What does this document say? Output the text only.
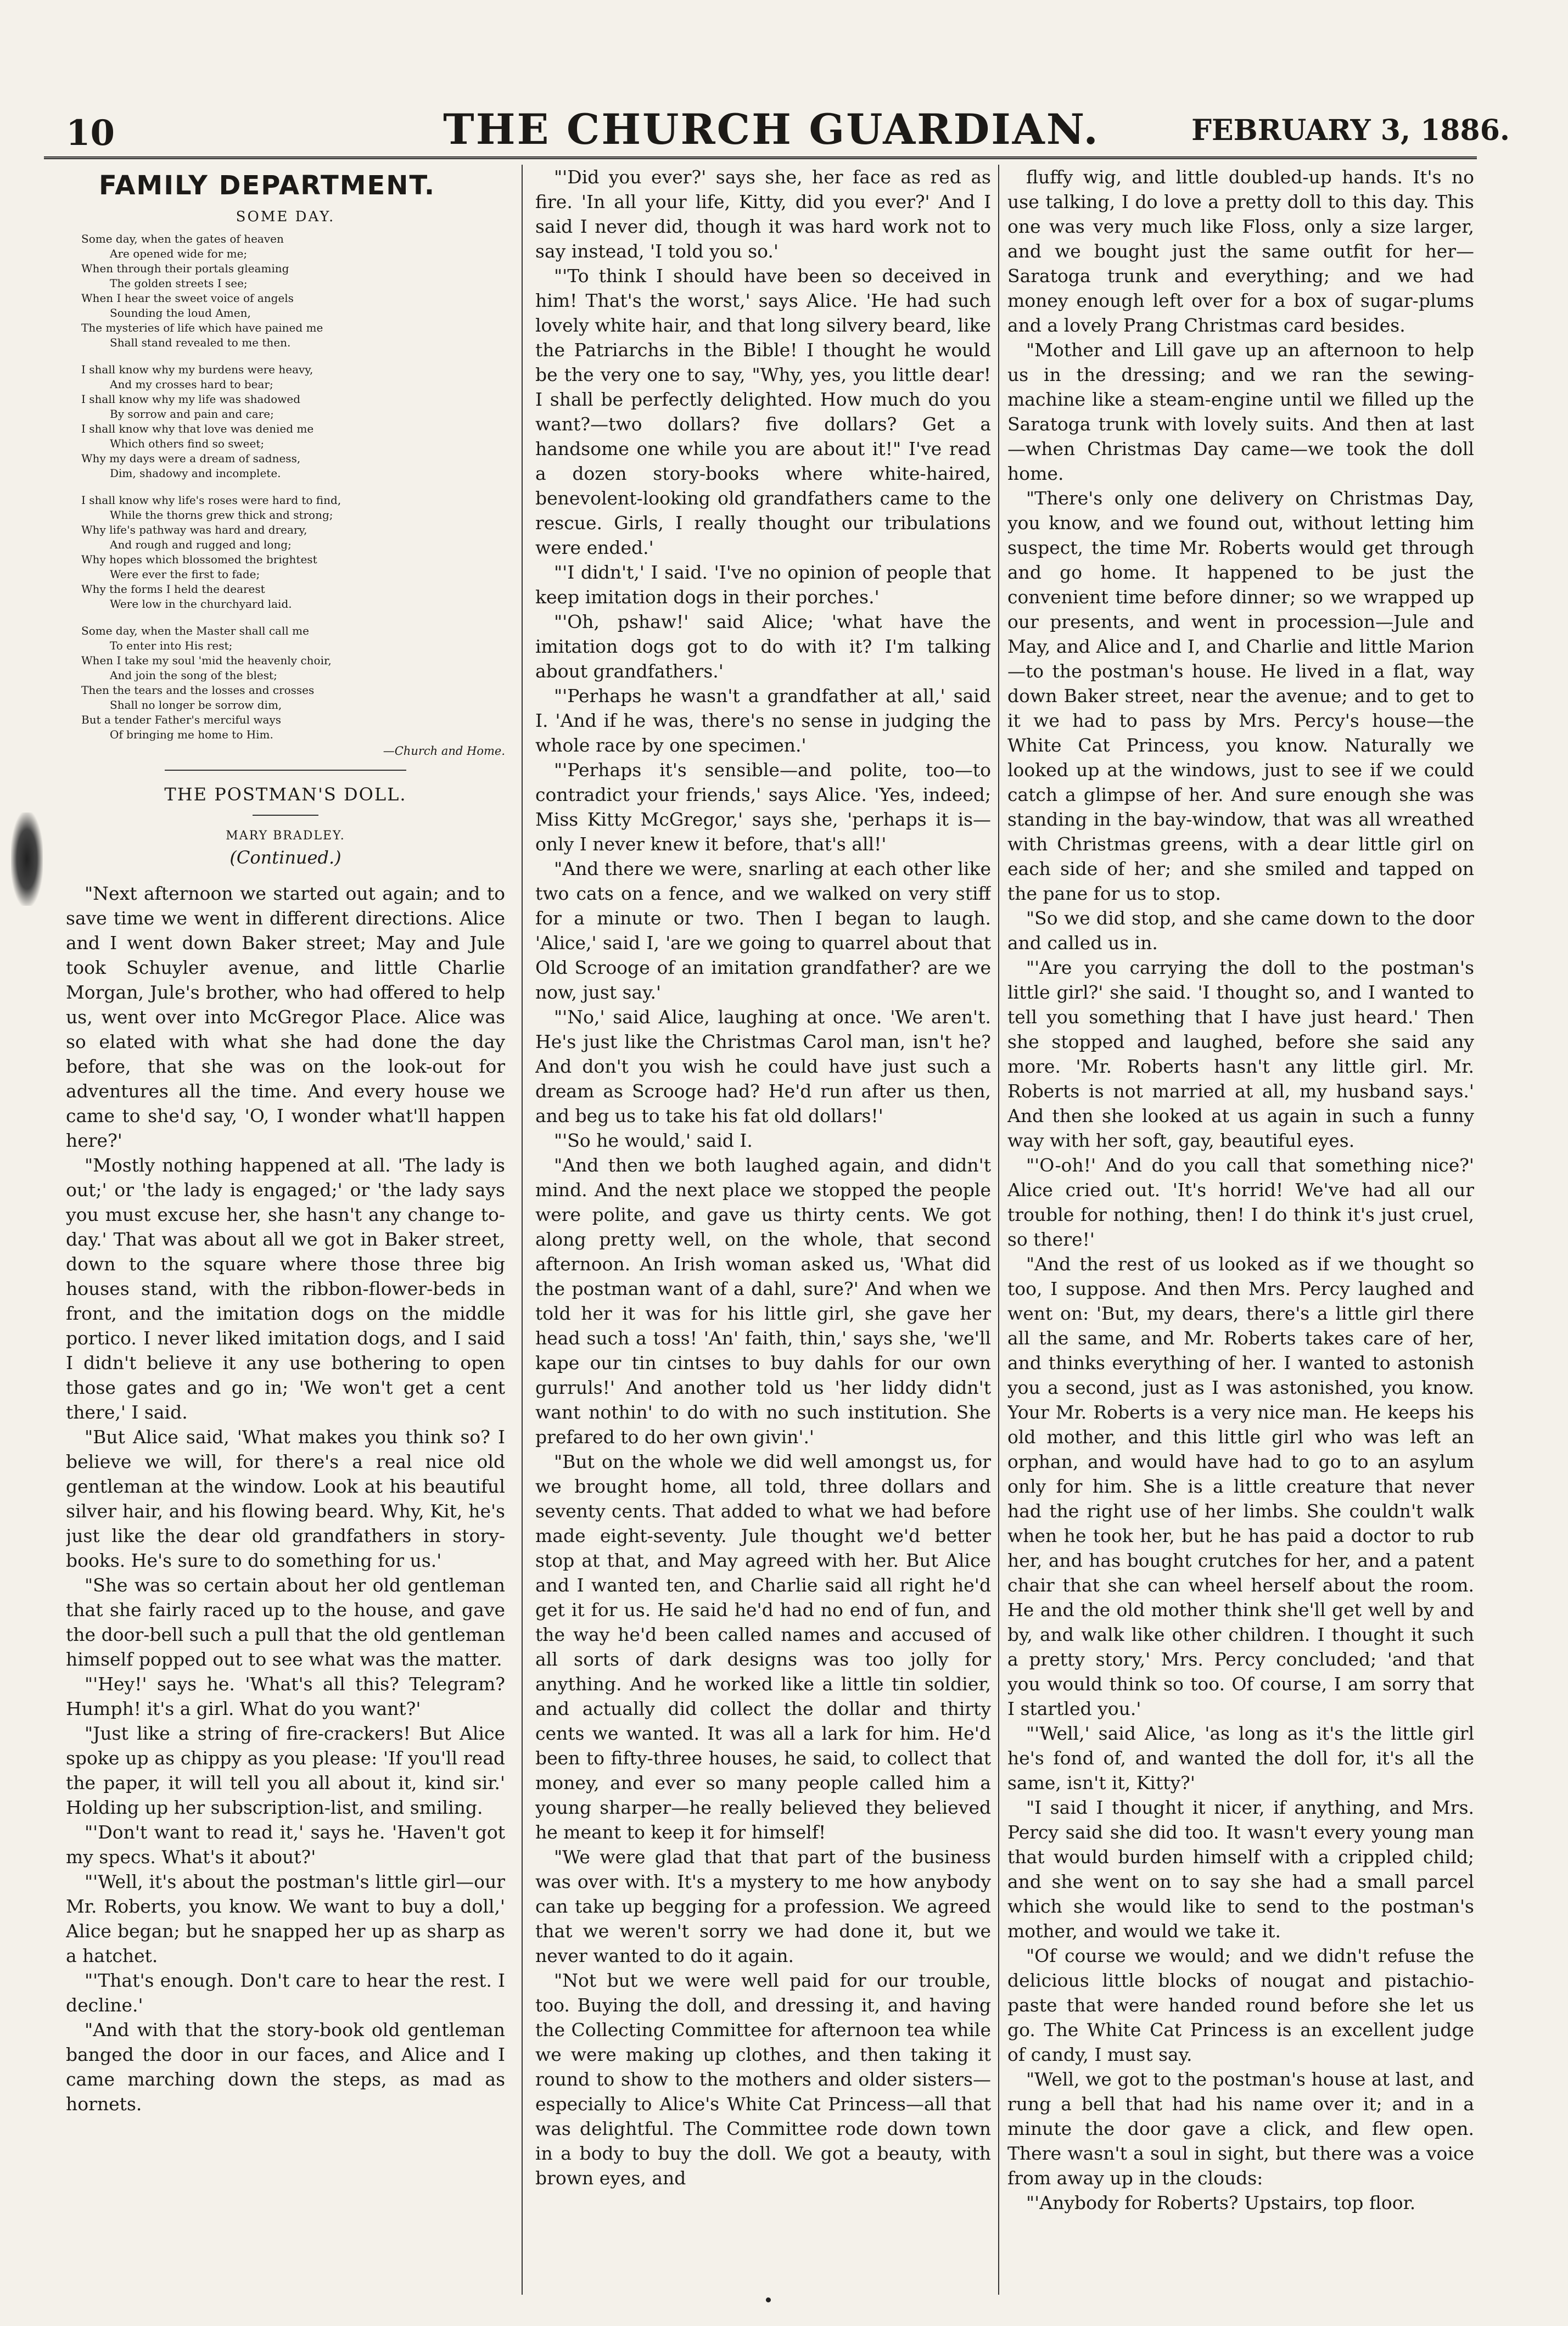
10	THE CHURCH GUARDIAN.	FEBRUARY 3, 1886.
FAMILY DEPARTMENT.
SOME DAY.
Some day, when the gates of heaven
Are opened wide for me;
When through their portals gleaming
The golden streets I see;
When I hear the sweet voice of angels
Sounding the loud Amen,
The mysteries of life which have pained me
Shall stand revealed to me then.
I shall know why my burdens were heavy,
And my crosses hard to bear;
I shall know why my life was shadowed
By sorrow and pain and care;
I shall know why that love was denied me
Which others find so sweet;
Why my days were a dream of sadness,
Dim, shadowy and incomplete.
I shall know why life's roses were hard to find,
While the thorns grew thick and strong;
Why life's pathway was hard and dreary,
And rough and rugged and long;
Why hopes which blossomed the brightest
Were ever the first to fade;
Why the forms I held the dearest
Were low in the churchyard laid.
Some day, when the Master shall call me
To enter into His rest;
When I take my soul 'mid the heavenly choir,
And join the song of the blest;
Then the tears and the losses and crosses
Shall no longer be sorrow dim,
But a tender Father's merciful ways
Of bringing me home to Him.
—Church and Home.
THE POSTMAN'S DOLL.
MARY BRADLEY.
(Continued.)

"Next afternoon we started out again; and to save time we went in different directions. Alice and I went down Baker street; May and Jule took Schuyler avenue, and little Charlie Morgan, Jule's brother, who had offered to help us, went over into McGregor Place. Alice was so elated with what she had done the day before, that she was on the look-out for adventures all the time. And every house we came to she'd say, 'O, I wonder what'll happen here?'

"Mostly nothing happened at all. 'The lady is out;' or 'the lady is engaged;' or 'the lady says you must excuse her, she hasn't any change to-day.' That was about all we got in Baker street, down to the square where those three big houses stand, with the ribbon-flower-beds in front, and the imitation dogs on the middle portico. I never liked imitation dogs, and I said I didn't believe it any use bothering to open those gates and go in; 'We won't get a cent there,' I said.

"But Alice said, 'What makes you think so? I believe we will, for there's a real nice old gentleman at the window. Look at his beautiful silver hair, and his flowing beard. Why, Kit, he's just like the dear old grandfathers in story-books. He's sure to do something for us.'

"She was so certain about her old gentleman that she fairly raced up to the house, and gave the door-bell such a pull that the old gentleman himself popped out to see what was the matter.

"'Hey!' says he. 'What's all this? Telegram? Humph! it's a girl. What do you want?'

"Just like a string of fire-crackers! But Alice spoke up as chippy as you please: 'If you'll read the paper, it will tell you all about it, kind sir.' Holding up her subscription-list, and smiling.

"'Don't want to read it,' says he. 'Haven't got my specs. What's it about?'

"'Well, it's about the postman's little girl—our Mr. Roberts, you know. We want to buy a doll,' Alice began; but he snapped her up as sharp as a hatchet.

"'That's enough. Don't care to hear the rest. I decline.'

"And with that the story-book old gentleman banged the door in our faces, and Alice and I came marching down the steps, as mad as hornets.

"'Did you ever?' says she, her face as red as fire. 'In all your life, Kitty, did you ever?' And I said I never did, though it was hard work not to say instead, 'I told you so.'

"'To think I should have been so deceived in him! That's the worst,' says Alice. 'He had such lovely white hair, and that long silvery beard, like the Patriarchs in the Bible! I thought he would be the very one to say, "Why, yes, you little dear! I shall be perfectly delighted. How much do you want?—two dollars? five dollars? Get a handsome one while you are about it!" I've read a dozen story-books where white-haired, benevolent-looking old grandfathers came to the rescue. Girls, I really thought our tribulations were ended.'

"'I didn't,' I said. 'I've no opinion of people that keep imitation dogs in their porches.'

"'Oh, pshaw!' said Alice; 'what have the imitation dogs got to do with it? I'm talking about grandfathers.'

"'Perhaps he wasn't a grandfather at all,' said I. 'And if he was, there's no sense in judging the whole race by one specimen.'

"'Perhaps it's sensible—and polite, too—to contradict your friends,' says Alice. 'Yes, indeed; Miss Kitty McGregor,' says she, 'perhaps it is—only I never knew it before, that's all!'

"And there we were, snarling at each other like two cats on a fence, and we walked on very stiff for a minute or two. Then I began to laugh. 'Alice,' said I, 'are we going to quarrel about that Old Scrooge of an imitation grandfather? are we now, just say.'

"'No,' said Alice, laughing at once. 'We aren't. He's just like the Christmas Carol man, isn't he? And don't you wish he could have just such a dream as Scrooge had? He'd run after us then, and beg us to take his fat old dollars!'

"'So he would,' said I.

"And then we both laughed again, and didn't mind. And the next place we stopped the people were polite, and gave us thirty cents. We got along pretty well, on the whole, that second afternoon. An Irish woman asked us, 'What did the postman want of a dahl, sure?' And when we told her it was for his little girl, she gave her head such a toss! 'An' faith, thin,' says she, 'we'll kape our tin cintses to buy dahls for our own gurruls!' And another told us 'her liddy didn't want nothin' to do with no such institution. She prefared to do her own givin'.'

"But on the whole we did well amongst us, for we brought home, all told, three dollars and seventy cents. That added to what we had before made eight-seventy. Jule thought we'd better stop at that, and May agreed with her. But Alice and I wanted ten, and Charlie said all right he'd get it for us. He said he'd had no end of fun, and the way he'd been called names and accused of all sorts of dark designs was too jolly for anything. And he worked like a little tin soldier, and actually did collect the dollar and thirty cents we wanted. It was all a lark for him. He'd been to fifty-three houses, he said, to collect that money, and ever so many people called him a young sharper—he really believed they believed he meant to keep it for himself!

"We were glad that that part of the business was over with. It's a mystery to me how anybody can take up begging for a profession. We agreed that we weren't sorry we had done it, but we never wanted to do it again.

"Not but we were well paid for our trouble, too. Buying the doll, and dressing it, and having the Collecting Committee for afternoon tea while we were making up clothes, and then taking it round to show to the mothers and older sisters—especially to Alice's White Cat Princess—all that was delightful. The Committee rode down town in a body to buy the doll. We got a beauty, with brown eyes, and

fluffy wig, and little doubled-up hands. It's no use talking, I do love a pretty doll to this day. This one was very much like Floss, only a size larger, and we bought just the same outfit for her—Saratoga trunk and everything; and we had money enough left over for a box of sugar-plums and a lovely Prang Christmas card besides.

"Mother and Lill gave up an afternoon to help us in the dressing; and we ran the sewing-machine like a steam-engine until we filled up the Saratoga trunk with lovely suits. And then at last—when Christmas Day came—we took the doll home.

"There's only one delivery on Christmas Day, you know, and we found out, without letting him suspect, the time Mr. Roberts would get through and go home. It happened to be just the convenient time before dinner; so we wrapped up our presents, and went in procession—Jule and May, and Alice and I, and Charlie and little Marion—to the postman's house. He lived in a flat, way down Baker street, near the avenue; and to get to it we had to pass by Mrs. Percy's house—the White Cat Princess, you know. Naturally we looked up at the windows, just to see if we could catch a glimpse of her. And sure enough she was standing in the bay-window, that was all wreathed with Christmas greens, with a dear little girl on each side of her; and she smiled and tapped on the pane for us to stop.

"So we did stop, and she came down to the door and called us in.

"'Are you carrying the doll to the postman's little girl?' she said. 'I thought so, and I wanted to tell you something that I have just heard.' Then she stopped and laughed, before she said any more. 'Mr. Roberts hasn't any little girl. Mr. Roberts is not married at all, my husband says.' And then she looked at us again in such a funny way with her soft, gay, beautiful eyes.

"'O-oh!' And do you call that something nice?' Alice cried out. 'It's horrid! We've had all our trouble for nothing, then! I do think it's just cruel, so there!'

"And the rest of us looked as if we thought so too, I suppose. And then Mrs. Percy laughed and went on: 'But, my dears, there's a little girl there all the same, and Mr. Roberts takes care of her, and thinks everything of her. I wanted to astonish you a second, just as I was astonished, you know. Your Mr. Roberts is a very nice man. He keeps his old mother, and this little girl who was left an orphan, and would have had to go to an asylum only for him. She is a little creature that never had the right use of her limbs. She couldn't walk when he took her, but he has paid a doctor to rub her, and has bought crutches for her, and a patent chair that she can wheel herself about the room. He and the old mother think she'll get well by and by, and walk like other children. I thought it such a pretty story,' Mrs. Percy concluded; 'and that you would think so too. Of course, I am sorry that I startled you.'

"'Well,' said Alice, 'as long as it's the little girl he's fond of, and wanted the doll for, it's all the same, isn't it, Kitty?'

"I said I thought it nicer, if anything, and Mrs. Percy said she did too. It wasn't every young man that would burden himself with a crippled child; and she went on to say she had a small parcel which she would like to send to the postman's mother, and would we take it.

"Of course we would; and we didn't refuse the delicious little blocks of nougat and pistachio-paste that were handed round before she let us go. The White Cat Princess is an excellent judge of candy, I must say.

"Well, we got to the postman's house at last, and rung a bell that had his name over it; and in a minute the door gave a click, and flew open. There wasn't a soul in sight, but there was a voice from away up in the clouds:

"'Anybody for Roberts? Upstairs, top floor.
